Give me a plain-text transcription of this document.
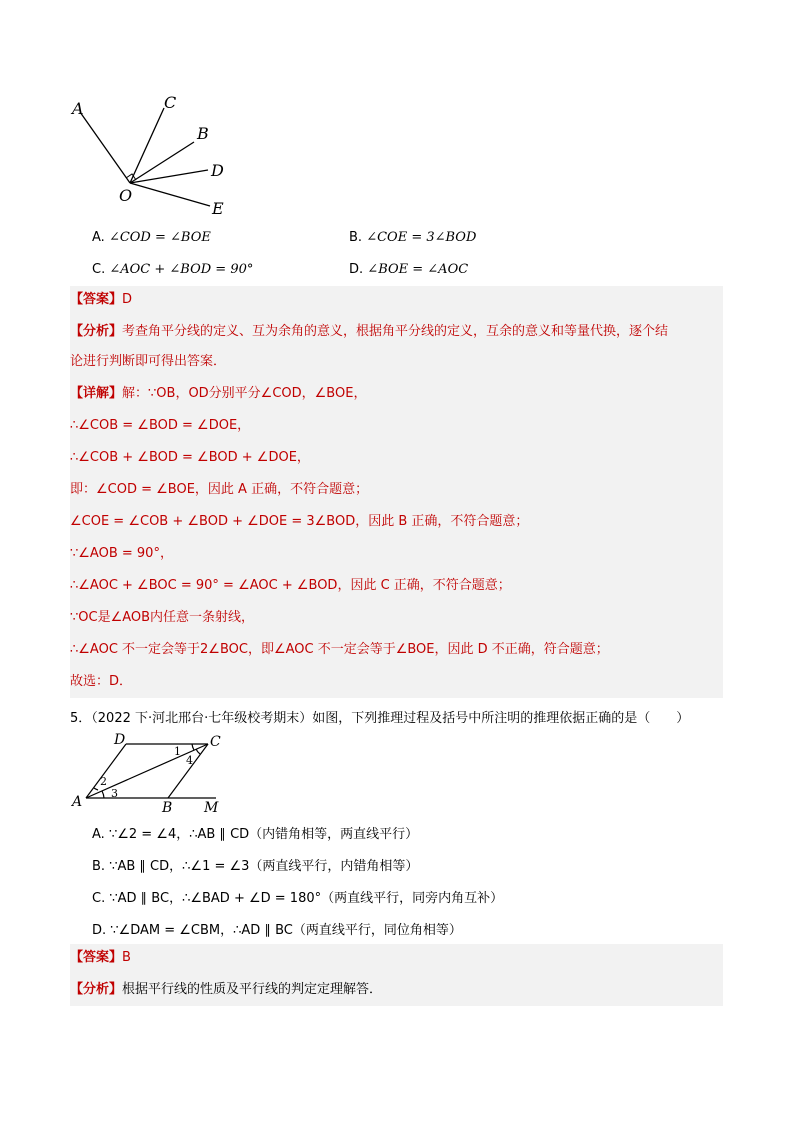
A	C
B
D
O
E
A. ∠COD = ∠BOE	B. ∠COE = 3∠BOD
C. ∠AOC + ∠BOD = 90°	D. ∠BOE = ∠AOC
【答案】D
【分析】考查角平分线的定义、互为余角的意义，根据角平分线的定义，互余的意义和等量代换，逐个结
论进行判断即可得出答案．
【详解】解：∵OB，OD分别平分∠COD，∠BOE，
∴∠COB = ∠BOD = ∠DOE，
∴∠COB + ∠BOD = ∠BOD + ∠DOE，
即：∠COD = ∠BOE，因此 A 正确，不符合题意；
∠COE = ∠COB + ∠BOD + ∠DOE = 3∠BOD，因此 B 正确，不符合题意；
∵∠AOB = 90°，
∴∠AOC + ∠BOC = 90° = ∠AOC + ∠BOD，因此 C 正确，不符合题意；
∵OC是∠AOB内任意一条射线，
∴∠AOC 不一定会等于2∠BOC，即∠AOC 不一定会等于∠BOE，因此 D 不正确，符合题意；
故选：D．
5．（2022 下·河北邢台·七年级校考期末）如图，下列推理过程及括号中所注明的推理依据正确的是（　　）
D	C
1
4
2
3
A	B M
A. ∵∠2 = ∠4，∴AB ∥ CD（内错角相等，两直线平行）
B. ∵AB ∥ CD，∴∠1 = ∠3（两直线平行，内错角相等）
C. ∵AD ∥ BC，∴∠BAD + ∠D = 180°（两直线平行，同旁内角互补）
D. ∵∠DAM = ∠CBM，∴AD ∥ BC（两直线平行，同位角相等）
【答案】B
【分析】根据平行线的性质及平行线的判定定理解答．
